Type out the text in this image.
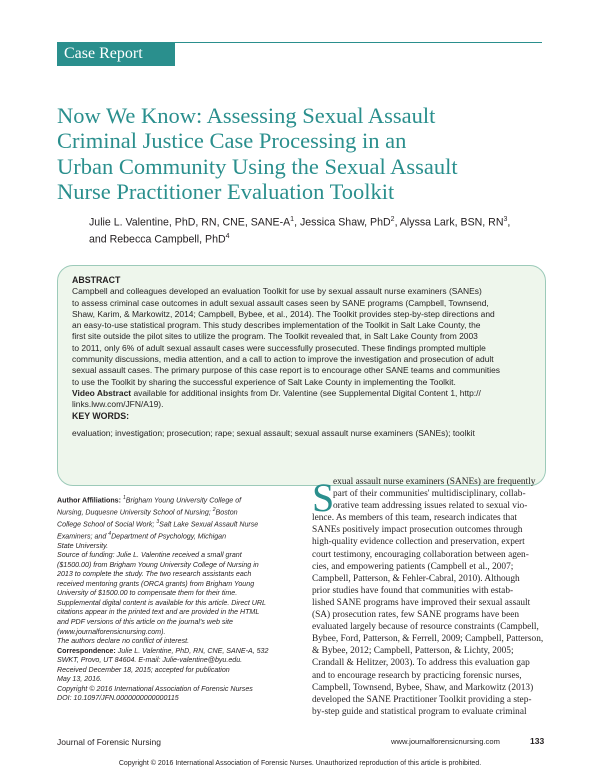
Case Report
Now We Know: Assessing Sexual Assault
Criminal Justice Case Processing in an
Urban Community Using the Sexual Assault
Nurse Practitioner Evaluation Toolkit
Julie L. Valentine, PhD, RN, CNE, SANE-$A^1$, Jessica Shaw, PhD$^2$, Alyssa Lark, BSN, $RN^3$,
and Rebecca Campbell, PhD$^4$
ABSTRACT
Campbell and colleagues developed an evaluation Toolkit for use by sexual assault nurse examiners (SANEs)
to assess criminal case outcomes in adult sexual assault cases seen by SANE programs (Campbell, Townsend,
Shaw, Karim, & Markowitz, 2014; Campbell, Bybee, et al., 2014). The Toolkit provides step-by-step directions and
an easy-to-use statistical program. This study describes implementation of the Toolkit in Salt Lake County, the
first site outside the pilot sites to utilize the program. The Toolkit revealed that, in Salt Lake County from 2003
to 2011, only 6% of adult sexual assault cases were successfully prosecuted. These findings prompted multiple
community discussions, media attention, and a call to action to improve the investigation and prosecution of adult
sexual assault cases. The primary purpose of this case report is to encourage other SANE teams and communities
to use the Toolkit by sharing the successful experience of Salt Lake County in implementing the Toolkit.
Video Abstract available for additional insights from Dr. Valentine (see Supplemental Digital Content 1, http://
links.lww.com/JFN/A19).
KEY WORDS:
evaluation; investigation; prosecution; rape; sexual assault; sexual assault nurse examiners (SANEs); toolkit
Author Affiliations: $^1$Brigham Young University College of
Nursing, Duquesne University School of Nursing; $^2$Boston
College School of Social Work; $^3$Salt Lake Sexual Assault Nurse
Examiners; and $^4$Department of Psychology, Michigan
State University.
Source of funding: Julie L. Valentine received a small grant
($1500.00) from Brigham Young University College of Nursing in
2013 to complete the study. The two research assistants each
received mentoring grants (ORCA grants) from Brigham Young
University of $1500.00 to compensate them for their time.
Supplemental digital content is available for this article. Direct URL
citations appear in the printed text and are provided in the HTML
and PDF versions of this article on the journal's web site
(www.journalforensicnursing.com).
The authors declare no conflict of interest.
Correspondence: Julie L. Valentine, PhD, RN, CNE, SANE-A, 532
SWKT, Provo, UT 84604. E-mail: Julie-valentine@byu.edu.
Received December 18, 2015; accepted for publication
May 13, 2016.
Copyright © 2016 International Association of Forensic Nurses
DOI: 10.1097/JFN.0000000000000115
S
exual assault nurse examiners (SANEs) are frequently
part of their communities' multidisciplinary, collab-
orative team addressing issues related to sexual vio-
lence. As members of this team, research indicates that
SANEs positively impact prosecution outcomes through
high-quality evidence collection and preservation, expert
court testimony, encouraging collaboration between agen-
cies, and empowering patients (Campbell et al., 2007;
Campbell, Patterson, & Fehler-Cabral, 2010). Although
prior studies have found that communities with estab-
lished SANE programs have improved their sexual assault
(SA) prosecution rates, few SANE programs have been
evaluated largely because of resource constraints (Campbell,
Bybee, Ford, Patterson, & Ferrell, 2009; Campbell, Patterson,
& Bybee, 2012; Campbell, Patterson, & Lichty, 2005;
Crandall & Helitzer, 2003). To address this evaluation gap
and to encourage research by practicing forensic nurses,
Campbell, Townsend, Bybee, Shaw, and Markowitz (2013)
developed the SANE Practitioner Toolkit providing a step-
by-step guide and statistical program to evaluate criminal
Journal of Forensic Nursing	www.journalforensicnursing.com	133
Copyright © 2016 International Association of Forensic Nurses. Unauthorized reproduction of this article is prohibited.
